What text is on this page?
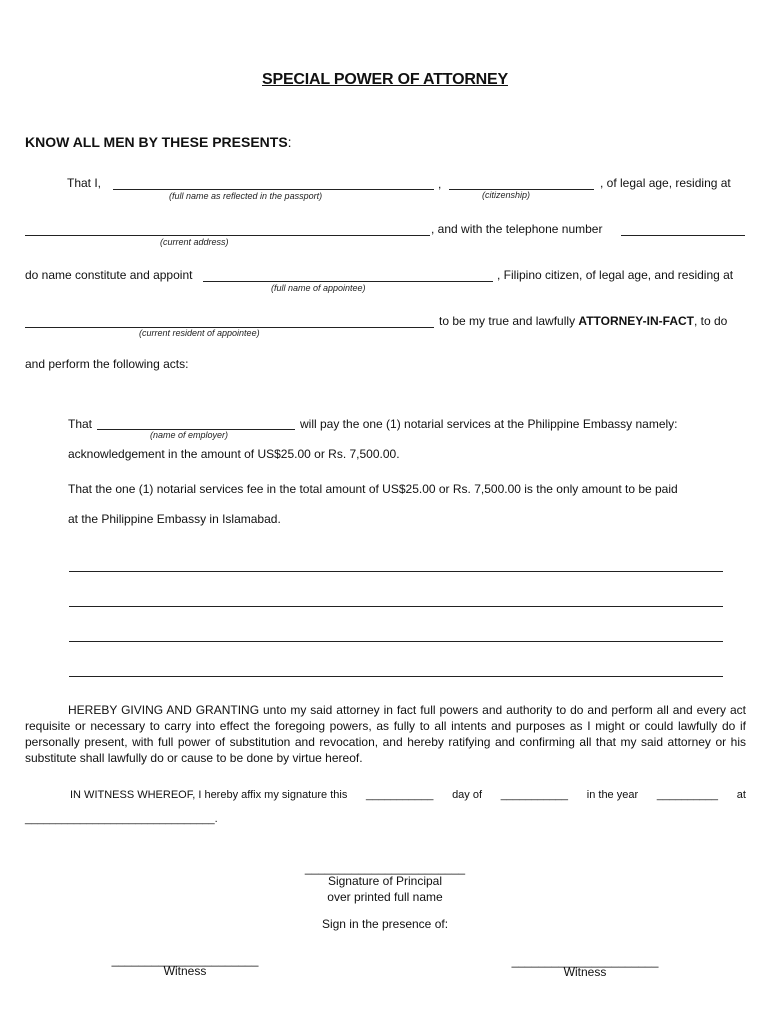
SPECIAL POWER OF ATTORNEY
KNOW ALL MEN BY THESE PRESENTS:
That I,	,	, of legal age, residing at
(full name as reflected in the passport)	(citizenship)
, and with the telephone number
(current address)
do name constitute and appoint	, Filipino citizen, of legal age, and residing at
(full name of appointee)
to be my true and lawfully ATTORNEY-IN-FACT, to do
(current resident of appointee)
and perform the following acts:
That	will pay the one (1) notarial services at the Philippine Embassy namely:
(name of employer)
acknowledgement in the amount of US$25.00 or Rs. 7,500.00.
That the one (1) notarial services fee in the total amount of US$25.00 or Rs. 7,500.00 is the only amount to be paid
at the Philippine Embassy in Islamabad.
HEREBY GIVING AND GRANTING unto my said attorney in fact full powers and authority to do and perform all and every act requisite or necessary to carry into effect the foregoing powers, as fully to all intents and purposes as I might or could lawfully do if personally present, with full power of substitution and revocation, and hereby ratifying and confirming all that my said attorney or his substitute shall lawfully do or cause to be done by virtue hereof.
IN WITNESS WHEREOF, I hereby affix my signature this ___________ day of ___________ in the year __________ at
_______________________________.
________________________
Signature of Principal
over printed full name
Sign in the presence of:
______________________
Witness
______________________
Witness
